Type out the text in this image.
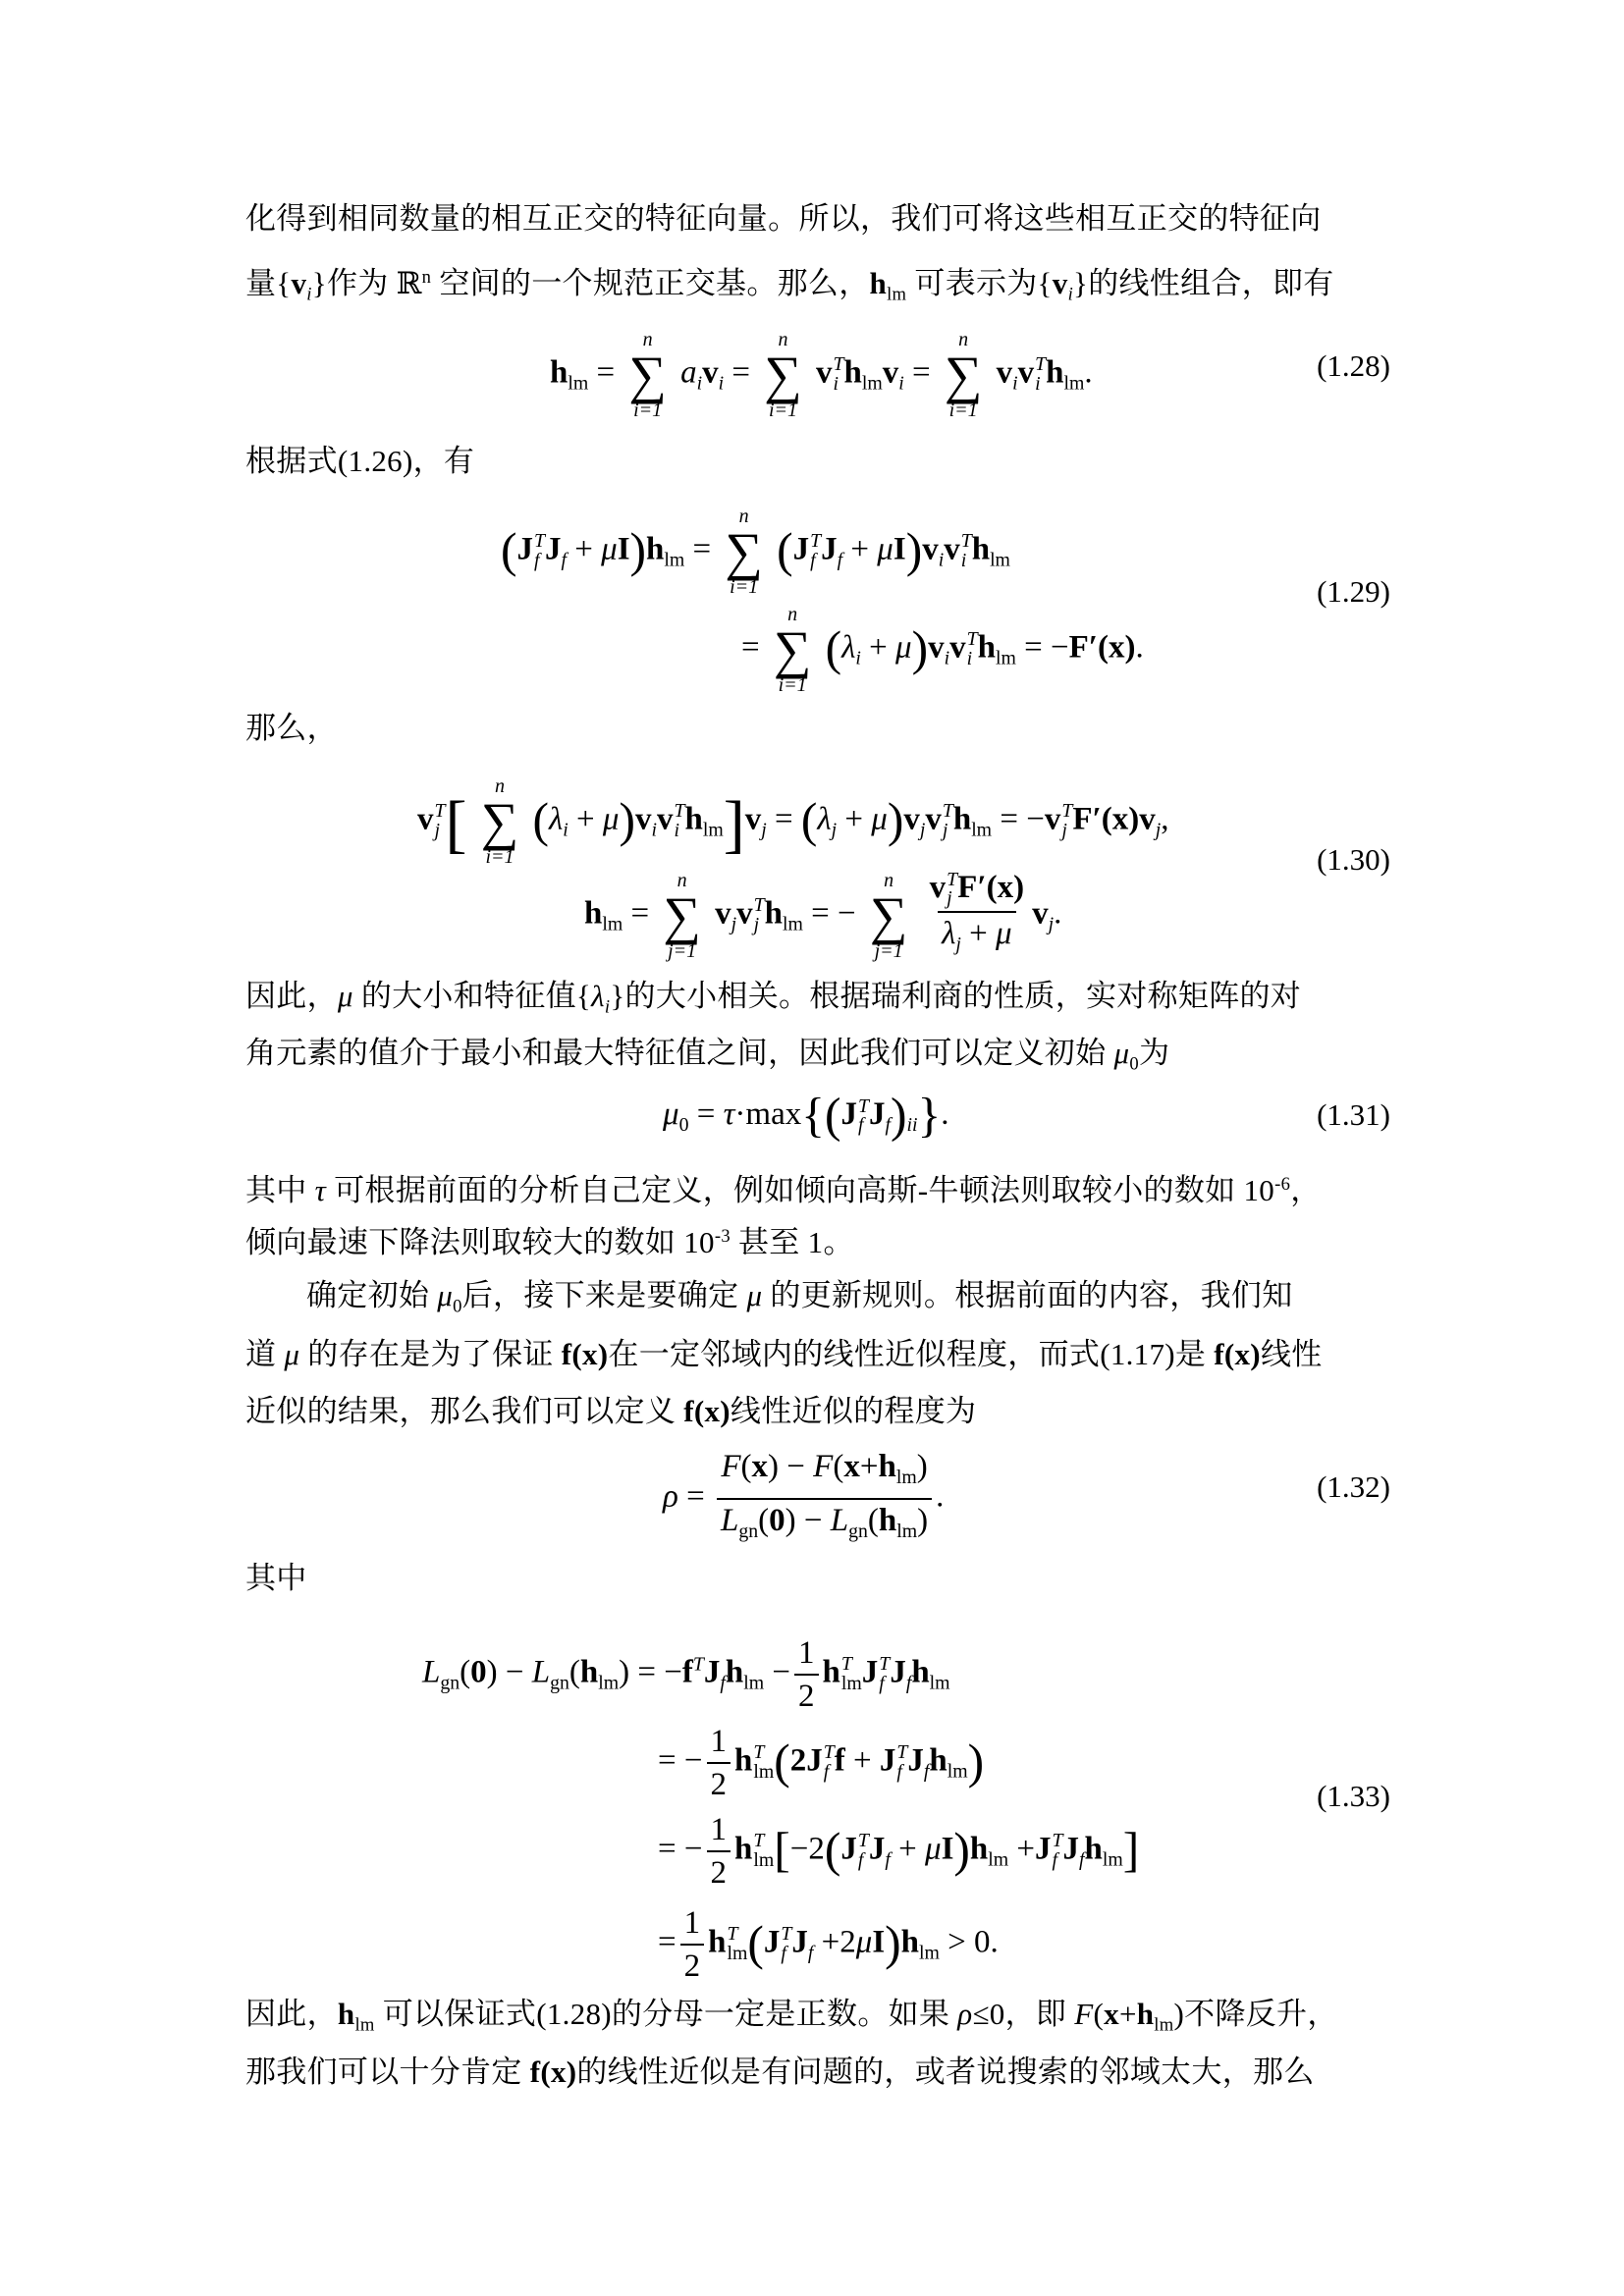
化得到相同数量的相互正交的特征向量。所以，我们可将这些相互正交的特征向
量$\{v_i\}$作为 ℝ$^n$ 空间的一个规范正交基。那么，$h_{lm}$ 可表示为$\{v_i\}$的线性组合，即有
$h_{lm}$ =
n
∑
i=1
$a_iv_i$ =
n
∑
i=1
v T
i $h_{lm}v_i$ =
n
∑
i=1
$v_iv$ T
i $h_{lm}$.	(1.28)
根据式(1.26)，有
(J T
f $J_f + \mu I)h_{lm}$ =
n
∑
i=1
(J T
f $J_f + \mu I)v_iv$ T
i $h_{lm}$
=
n
∑
i=1
$(\lambda_i + \mu)v_iv$ T
i $h_{lm} = -F'(x)$.
(1.29)
那么，
v T
j [
n
∑
i=1
$(\lambda_i + \mu)v_iv$ T
i $h_{lm}]v_j = (\lambda_j + \mu)v_jv$ T
j $h_{lm} = -v$ T
j $F'(x)v_j$,
$h_{lm}$ =
n
∑
j=1
$v_jv$ T
j $h_{lm}$ = −
n
∑
j=1
v T
j F′(x)
$\lambda_j + \mu$ $v_j$.
(1.30)
因此，μ 的大小和特征值$\{\lambda_i\}$的大小相关。根据瑞利商的性质，实对称矩阵的对
角元素的值介于最小和最大特征值之间，因此我们可以定义初始 $\mu_0$为
$\mu_0 = \tau\cdot\max\{(J$ T
f $J_f)_{ii}$}.	(1.31)
其中 τ 可根据前面的分析自己定义，例如倾向高斯-牛顿法则取较小的数如 $10^{-6}$，
倾向最速下降法则取较大的数如 $10^{-3}$ 甚至 1。
确定初始 $\mu_0$后，接下来是要确定 μ 的更新规则。根据前面的内容，我们知
道 μ 的存在是为了保证 f(x)在一定邻域内的线性近似程度，而式(1.17)是 f(x)线性
近似的结果，那么我们可以定义 f(x)线性近似的程度为
$\rho = \frac{F(x) - F(x+h_{lm})}{L_{gn}(0) - L_{gn}(h_{lm})}$ .	(1.32)
其中
$L_{gn}(0) - L_{gn}(h_{lm}) = -f^TJ_fh_{lm} - \frac{1}{2}$ h T
lm J T
f $J_fh_{lm}$
= − $\frac{1}{2}$ h T
lm (2J T
f f + J T
f $J_fh_{lm}$)
= − $\frac{1}{2}$ h T
lm [−2(J T
f $J_f + \mu I)h_{lm} +J$ T
f $J_fh_{lm}$]
= $\frac{1}{2}$ h T
lm (J T
f $J_f +2\mu I)h_{lm} > 0$.
(1.33)
因此，$h_{lm}$ 可以保证式(1.28)的分母一定是正数。如果 ρ≤0，即 $F(x+h_{lm})$不降反升，
那我们可以十分肯定 f(x)的线性近似是有问题的，或者说搜索的邻域太大，那么
